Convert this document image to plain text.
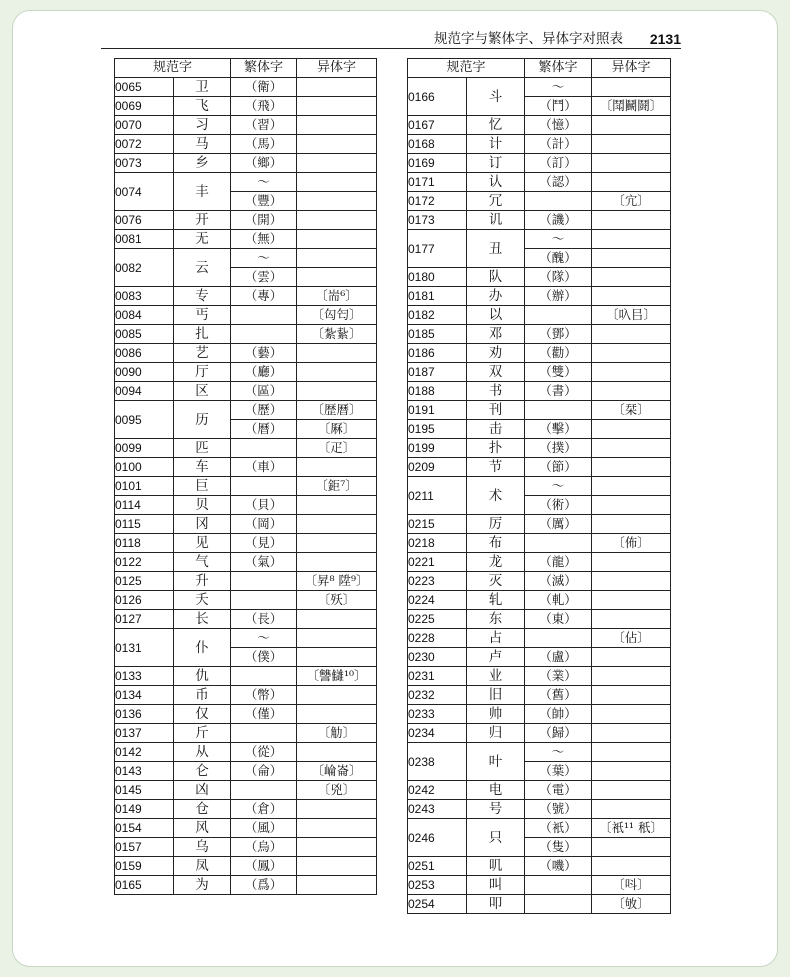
规范字与繁体字、异体字对照表 2131
规范字		繁体字	异体字
0065	卫	（衛）	
0069	飞	（飛）	
0070	习	（習）	
0072	马	（馬）	
0073	乡	（鄉）	
0074	丰	～	
		（豐）	
0076	开	（開）	
0081	无	（無）	
0082	云	～	
		（雲）	
0083	专	（專）	〔耑⁶〕
0084	丐		〔匃匄〕
0085	扎		〔紮紥〕
0086	艺	（藝）	
0090	厅	（廳）	
0094	区	（區）	
0095	历	（歷）	〔歴曆〕
		（曆）	〔厤〕
0099	匹		〔疋〕
0100	车	（車）	
0101	巨		〔鉅⁷〕
0114	贝	（貝）	
0115	冈	（岡）	
0118	见	（見）	
0122	气	（氣）	
0125	升		〔昇⁸ 陞⁹〕
0126	夭		〔殀〕
0127	长	（長）	
0131	仆	～	
		（僕）	
0133	仇		〔讐讎¹⁰〕
0134	币	（幣）	
0136	仅	（僅）	
0137	斤		〔觔〕
0142	从	（從）	
0143	仑	（侖）	〔崘崙〕
0145	凶		〔兇〕
0149	仓	（倉）	
0154	风	（風）	
0157	乌	（烏）	
0159	凤	（鳳）	
0165	为	（爲）	
规范字		繁体字	异体字
0166	斗	～	
		（鬥）	〔鬦鬭鬪〕
0167	忆	（憶）	
0168	计	（計）	
0169	订	（訂）	
0171	认	（認）	
0172	冗		〔宂〕
0173	讥	（譏）	
0177	丑	～	
		（醜）	
0180	队	（隊）	
0181	办	（辦）	
0182	以		〔叺㠯〕
0185	邓	（鄧）	
0186	劝	（勸）	
0187	双	（雙）	
0188	书	（書）	
0191	刊		〔栞〕
0195	击	（擊）	
0199	扑	（撲）	
0209	节	（節）	
0211	术	～	
		（術）	
0215	厉	（厲）	
0218	布		〔佈〕
0221	龙	（龍）	
0223	灭	（滅）	
0224	轧	（軋）	
0225	东	（東）	
0228	占		〔佔〕
0230	卢	（盧）	
0231	业	（業）	
0232	旧	（舊）	
0233	帅	（帥）	
0234	归	（歸）	
0238	叶	～	
		（葉）	
0242	电	（電）	
0243	号	（號）	
0246	只	（衹）	〔衹¹¹ 秖〕
		（隻）	
0251	叽	（嘰）	
0253	叫		〔呌〕
0254	叩		〔敂〕
